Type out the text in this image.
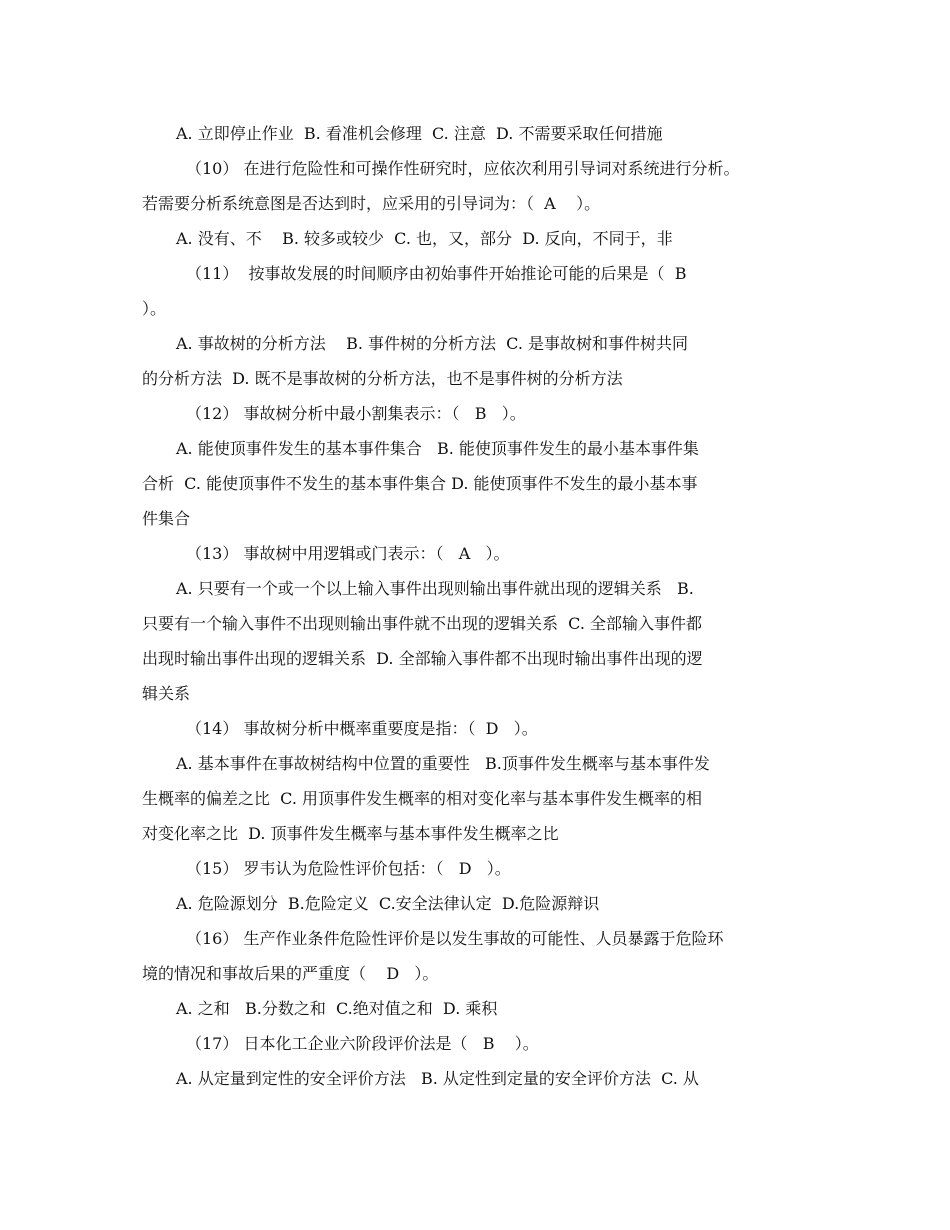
A. 立即停止作业  B. 看准机会修理  C. 注意  D. 不需要采取任何措施
（10） 在进行危险性和可操作性研究时，应依次利用引导词对系统进行分析。
若需要分析系统意图是否达到时，应采用的引导词为：（  A    ）。
A. 没有、不    B. 较多或较少  C. 也，又，部分  D. 反向，不同于，非
（11）  按事故发展的时间顺序由初始事件开始推论可能的后果是（  B
）。
A. 事故树的分析方法    B. 事件树的分析方法  C. 是事故树和事件树共同
的分析方法  D. 既不是事故树的分析方法，也不是事件树的分析方法
（12） 事故树分析中最小割集表示：（   B   ）。
A. 能使顶事件发生的基本事件集合   B. 能使顶事件发生的最小基本事件集
合析  C. 能使顶事件不发生的基本事件集合 D. 能使顶事件不发生的最小基本事
件集合
（13） 事故树中用逻辑或门表示：（   A   ）。
A. 只要有一个或一个以上输入事件出现则输出事件就出现的逻辑关系   B.
只要有一个输入事件不出现则输出事件就不出现的逻辑关系  C. 全部输入事件都
出现时输出事件出现的逻辑关系  D. 全部输入事件都不出现时输出事件出现的逻
辑关系
（14） 事故树分析中概率重要度是指：（  D   ）。
A. 基本事件在事故树结构中位置的重要性   B.顶事件发生概率与基本事件发
生概率的偏差之比  C. 用顶事件发生概率的相对变化率与基本事件发生概率的相
对变化率之比  D. 顶事件发生概率与基本事件发生概率之比
（15） 罗韦认为危险性评价包括：（   D   ）。
A. 危险源划分  B.危险定义  C.安全法律认定  D.危险源辩识
（16） 生产作业条件危险性评价是以发生事故的可能性、人员暴露于危险环
境的情况和事故后果的严重度（    D   ）。
A. 之和   B.分数之和  C.绝对值之和  D. 乘积
（17） 日本化工企业六阶段评价法是（   B    ）。
A. 从定量到定性的安全评价方法   B. 从定性到定量的安全评价方法  C. 从
